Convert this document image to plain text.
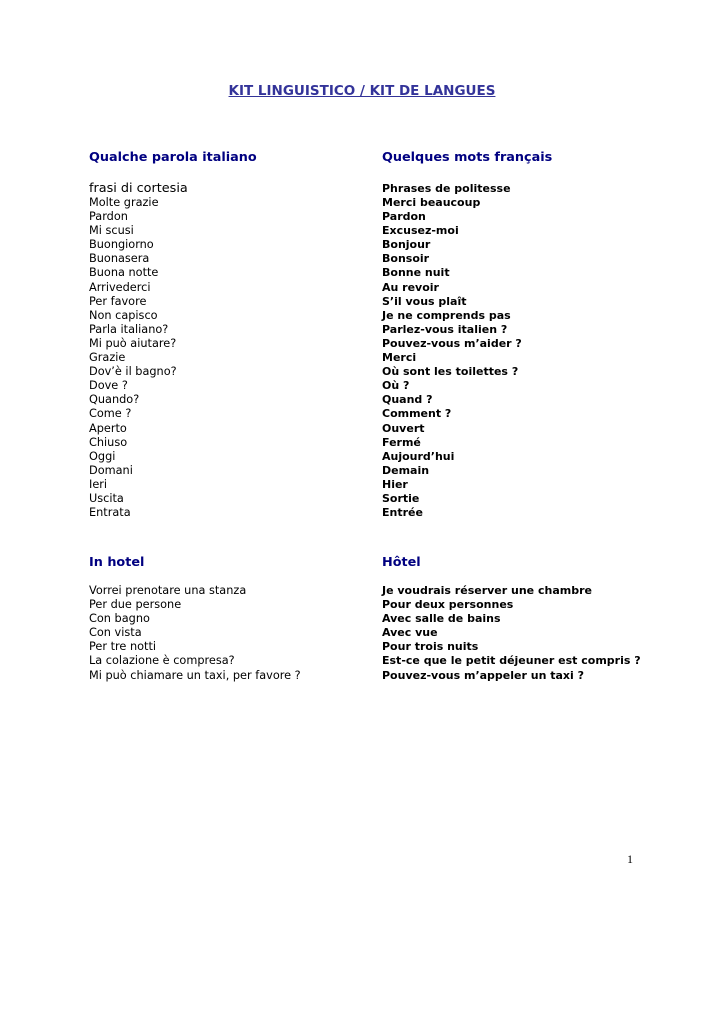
KIT LINGUISTICO / KIT DE LANGUES
Qualche parola italiano
frasi di cortesia
Molte grazie
Pardon
Mi scusi
Buongiorno
Buonasera
Buona notte
Arrivederci
Per favore
Non capisco
Parla italiano?
Mi può aiutare?
Grazie
Dov’è il bagno?
Dove ?
Quando?
Come ?
Aperto
Chiuso
Oggi
Domani
Ieri
Uscita
Entrata
In hotel
Vorrei prenotare una stanza
Per due persone
Con bagno
Con vista
Per tre notti
La colazione è compresa?
Mi può chiamare un taxi, per favore ?
Quelques mots français
Phrases de politesse
Merci beaucoup
Pardon
Excusez-moi
Bonjour
Bonsoir
Bonne nuit
Au revoir
S’il vous plaît
Je ne comprends pas
Parlez-vous italien ?
Pouvez-vous m’aider ?
Merci
Où sont les toilettes ?
Où ?
Quand ?
Comment ?
Ouvert
Fermé
Aujourd’hui
Demain
Hier
Sortie
Entrée
Hôtel
Je voudrais réserver une chambre
Pour deux personnes
Avec salle de bains
Avec vue
Pour trois nuits
Est-ce que le petit déjeuner est compris ?
Pouvez-vous m’appeler un taxi ?
1
